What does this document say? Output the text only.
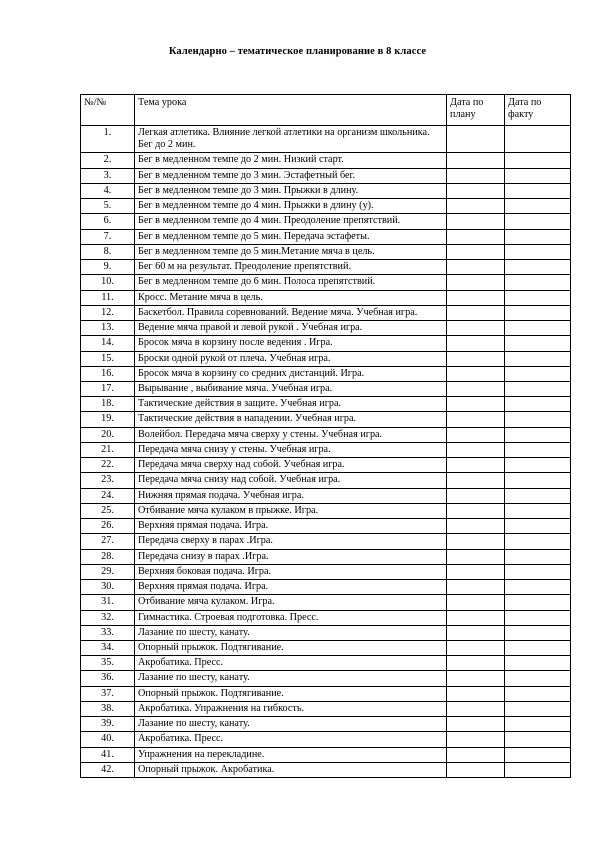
Календарно – тематическое планирование в 8 классе
№/№	Тема урока	Дата по плану	Дата по факту
1.	Легкая атлетика. Влияние легкой атлетики на организм школьника. Бег до 2 мин.		
2.	Бег в медленном темпе до 2 мин. Низкий старт.		
3.	Бег в медленном темпе до 3 мин. Эстафетный бег.		
4.	Бег в медленном темпе до 3 мин. Прыжки в длину.		
5.	Бег в медленном темпе до 4 мин. Прыжки в длину (у).		
6.	Бег в медленном темпе до 4 мин. Преодоление препятствий.		
7.	Бег в медленном темпе до 5 мин. Передача эстафеты.		
8.	Бег в медленном темпе до 5 мин.Метание мяча в цель.		
9.	Бег 60 м на результат. Преодоление препятствий.		
10.	Бег в медленном темпе до 6 мин. Полоса препятствий.		
11.	Кросс. Метание мяча в цель.		
12.	Баскетбол. Правила соревнований. Ведение мяча. Учебная игра.		
13.	Ведение мяча правой и левой рукой . Учебная игра.		
14.	Бросок мяча в корзину после ведения . Игра.		
15.	Броски одной рукой от плеча. Учебная игра.		
16.	Бросок мяча в корзину со средних дистанций. Игра.		
17.	Вырывание , выбивание мяча. Учебная игра.		
18.	Тактические действия в защите. Учебная игра.		
19.	Тактические действия в нападении. Учебная игра.		
20.	Волейбол. Передача мяча сверху у стены. Учебная игра.		
21.	Передача мяча снизу у стены. Учебная игра.		
22.	Передача мяча сверху над собой. Учебная игра.		
23.	Передача мяча снизу над собой. Учебная игра.		
24.	Нижняя прямая подача. Учебная игра.		
25.	Отбивание мяча кулаком в прыжке. Игра.		
26.	Верхняя прямая подача. Игра.		
27.	Передача сверху в парах .Игра.		
28.	Передача снизу в парах .Игра.		
29.	Верхняя боковая подача. Игра.		
30.	Верхняя прямая подача. Игра.		
31.	Отбивание мяча кулаком. Игра.		
32.	Гимнастика. Строевая подготовка. Пресс.		
33.	Лазание по шесту, канату.		
34.	Опорный прыжок. Подтягивание.		
35.	Акробатика. Пресс.		
36.	Лазание по шесту, канату.		
37.	Опорный прыжок. Подтягивание.		
38.	Акробатика. Упражнения на гибкость.		
39.	Лазание по шесту, канату.		
40.	Акробатика. Пресс.		
41.	Упражнения на перекладине.		
42.	Опорный прыжок. Акробатика.		
